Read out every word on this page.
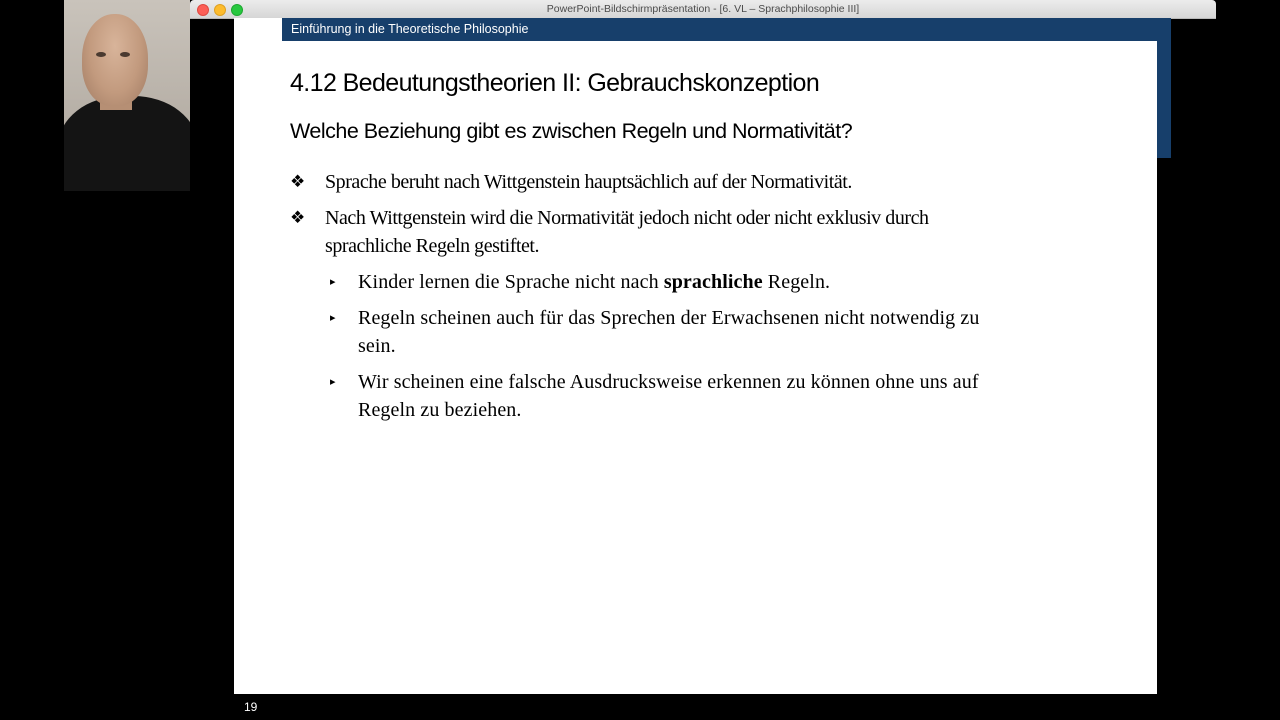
PowerPoint-Bildschirmpräsentation - [6. VL – Sprachphilosophie III]
Einführung in die Theoretische Philosophie
4.12 Bedeutungstheorien II: Gebrauchskonzeption
Welche Beziehung gibt es zwischen Regeln und Normativität?
❖ Sprache beruht nach Wittgenstein hauptsächlich auf der Normativität.
❖ Nach Wittgenstein wird die Normativität jedoch nicht oder nicht exklusiv durch
sprachliche Regeln gestiftet.
▸ Kinder lernen die Sprache nicht nach sprachliche Regeln.
▸ Regeln scheinen auch für das Sprechen der Erwachsenen nicht notwendig zu
sein.
▸ Wir scheinen eine falsche Ausdrucksweise erkennen zu können ohne uns auf
Regeln zu beziehen.
19
